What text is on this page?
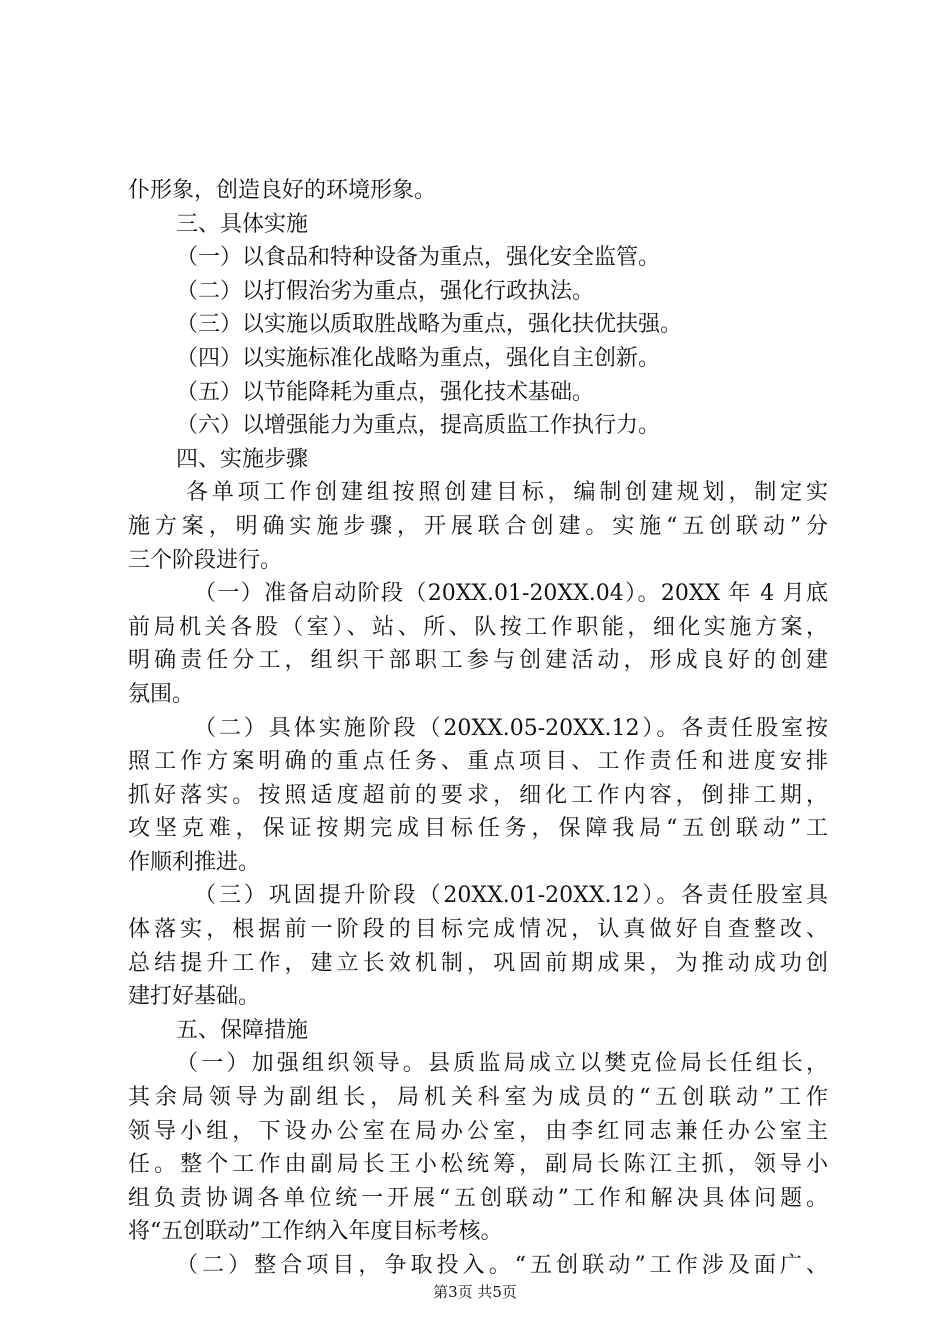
仆形象，创造良好的环境形象。
三、具体实施
（一）以食品和特种设备为重点，强化安全监管。
（二）以打假治劣为重点，强化行政执法。
（三）以实施以质取胜战略为重点，强化扶优扶强。
（四）以实施标准化战略为重点，强化自主创新。
（五）以节能降耗为重点，强化技术基础。
（六）以增强能力为重点，提高质监工作执行力。
四、实施步骤
各单项工作创建组按照创建目标，编制创建规划，制定实
施方案，明确实施步骤，开展联合创建。实施“五创联动”分
三个阶段进行。
（一）准备启动阶段（20XX.01-20XX.04）。20XX 年 4 月底
前局机关各股（室）、站、所、队按工作职能，细化实施方案，
明确责任分工，组织干部职工参与创建活动，形成良好的创建
氛围。
（二）具体实施阶段（20XX.05-20XX.12）。各责任股室按
照工作方案明确的重点任务、重点项目、工作责任和进度安排
抓好落实。按照适度超前的要求，细化工作内容，倒排工期，
攻坚克难，保证按期完成目标任务，保障我局“五创联动”工
作顺利推进。
（三）巩固提升阶段（20XX.01-20XX.12）。各责任股室具
体落实，根据前一阶段的目标完成情况，认真做好自查整改、
总结提升工作，建立长效机制，巩固前期成果，为推动成功创
建打好基础。
五、保障措施
（一）加强组织领导。县质监局成立以樊克俭局长任组长，
其余局领导为副组长，局机关科室为成员的“五创联动”工作
领导小组，下设办公室在局办公室，由李红同志兼任办公室主
任。整个工作由副局长王小松统筹，副局长陈江主抓，领导小
组负责协调各单位统一开展“五创联动”工作和解决具体问题。
将“五创联动”工作纳入年度目标考核。
（二）整合项目，争取投入。“五创联动”工作涉及面广、
第3页 共5页
